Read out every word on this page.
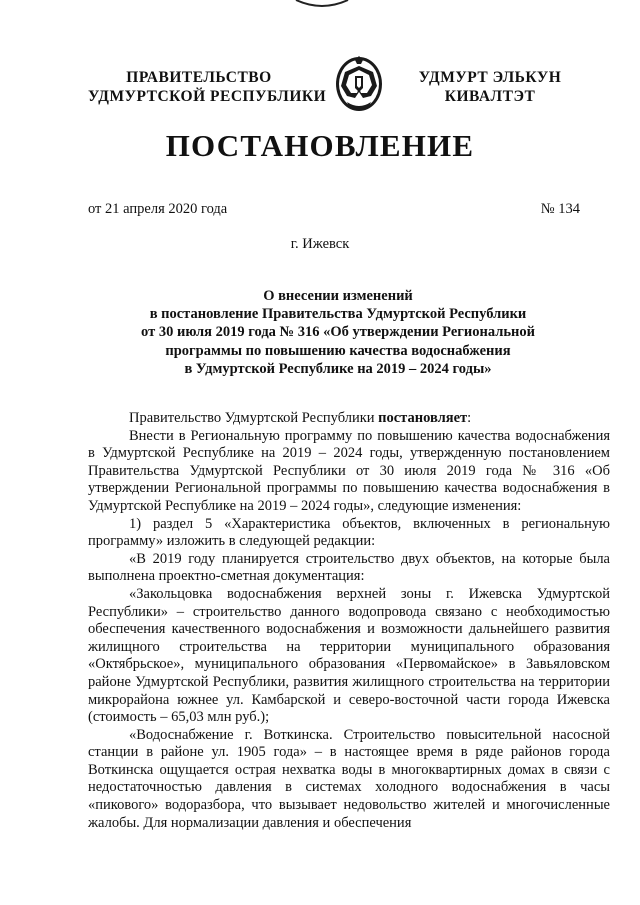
ПРАВИТЕЛЬСТВО
УДМУРТСКОЙ РЕСПУБЛИКИ
УДМУРТ ЭЛЬКУН
КИВАЛТЭТ
ПОСТАНОВЛЕНИЕ
от 21 апреля 2020 года	№ 134
г. Ижевск
О внесении изменений
в постановление Правительства Удмуртской Республики
от 30 июля 2019 года № 316 «Об утверждении Региональной
программы по повышению качества водоснабжения
в Удмуртской Республике на 2019 – 2024 годы»

Правительство Удмуртской Республики постановляет:

Внести в Региональную программу по повышению качества водоснабжения в Удмуртской Республике на 2019 – 2024 годы, утвержденную постановлением Правительства Удмуртской Республики от 30 июля 2019 года № 316 «Об утверждении Региональной программы по повышению качества водоснабжения в Удмуртской Республике на 2019 – 2024 годы», следующие изменения:

1) раздел 5 «Характеристика объектов, включенных в региональную программу» изложить в следующей редакции:

«В 2019 году планируется строительство двух объектов, на которые была выполнена проектно-сметная документация:

«Закольцовка водоснабжения верхней зоны г. Ижевска Удмуртской Республики» – строительство данного водопровода связано с необходимостью обеспечения качественного водоснабжения и возможности дальнейшего развития жилищного строительства на территории муниципального образования «Октябрьское», муниципального образования «Первомайское» в Завьяловском районе Удмуртской Республики, развития жилищного строительства на территории микрорайона южнее ул. Камбарской и северо-восточной части города Ижевска (стоимость – 65,03 млн руб.);

«Водоснабжение г. Воткинска. Строительство повысительной насосной станции в районе ул. 1905 года» – в настоящее время в ряде районов города Воткинска ощущается острая нехватка воды в многоквартирных домах в связи с недостаточностью давления в системах холодного водоснабжения в часы «пикового» водоразбора, что вызывает недовольство жителей и многочисленные жалобы. Для нормализации давления и обеспечения
